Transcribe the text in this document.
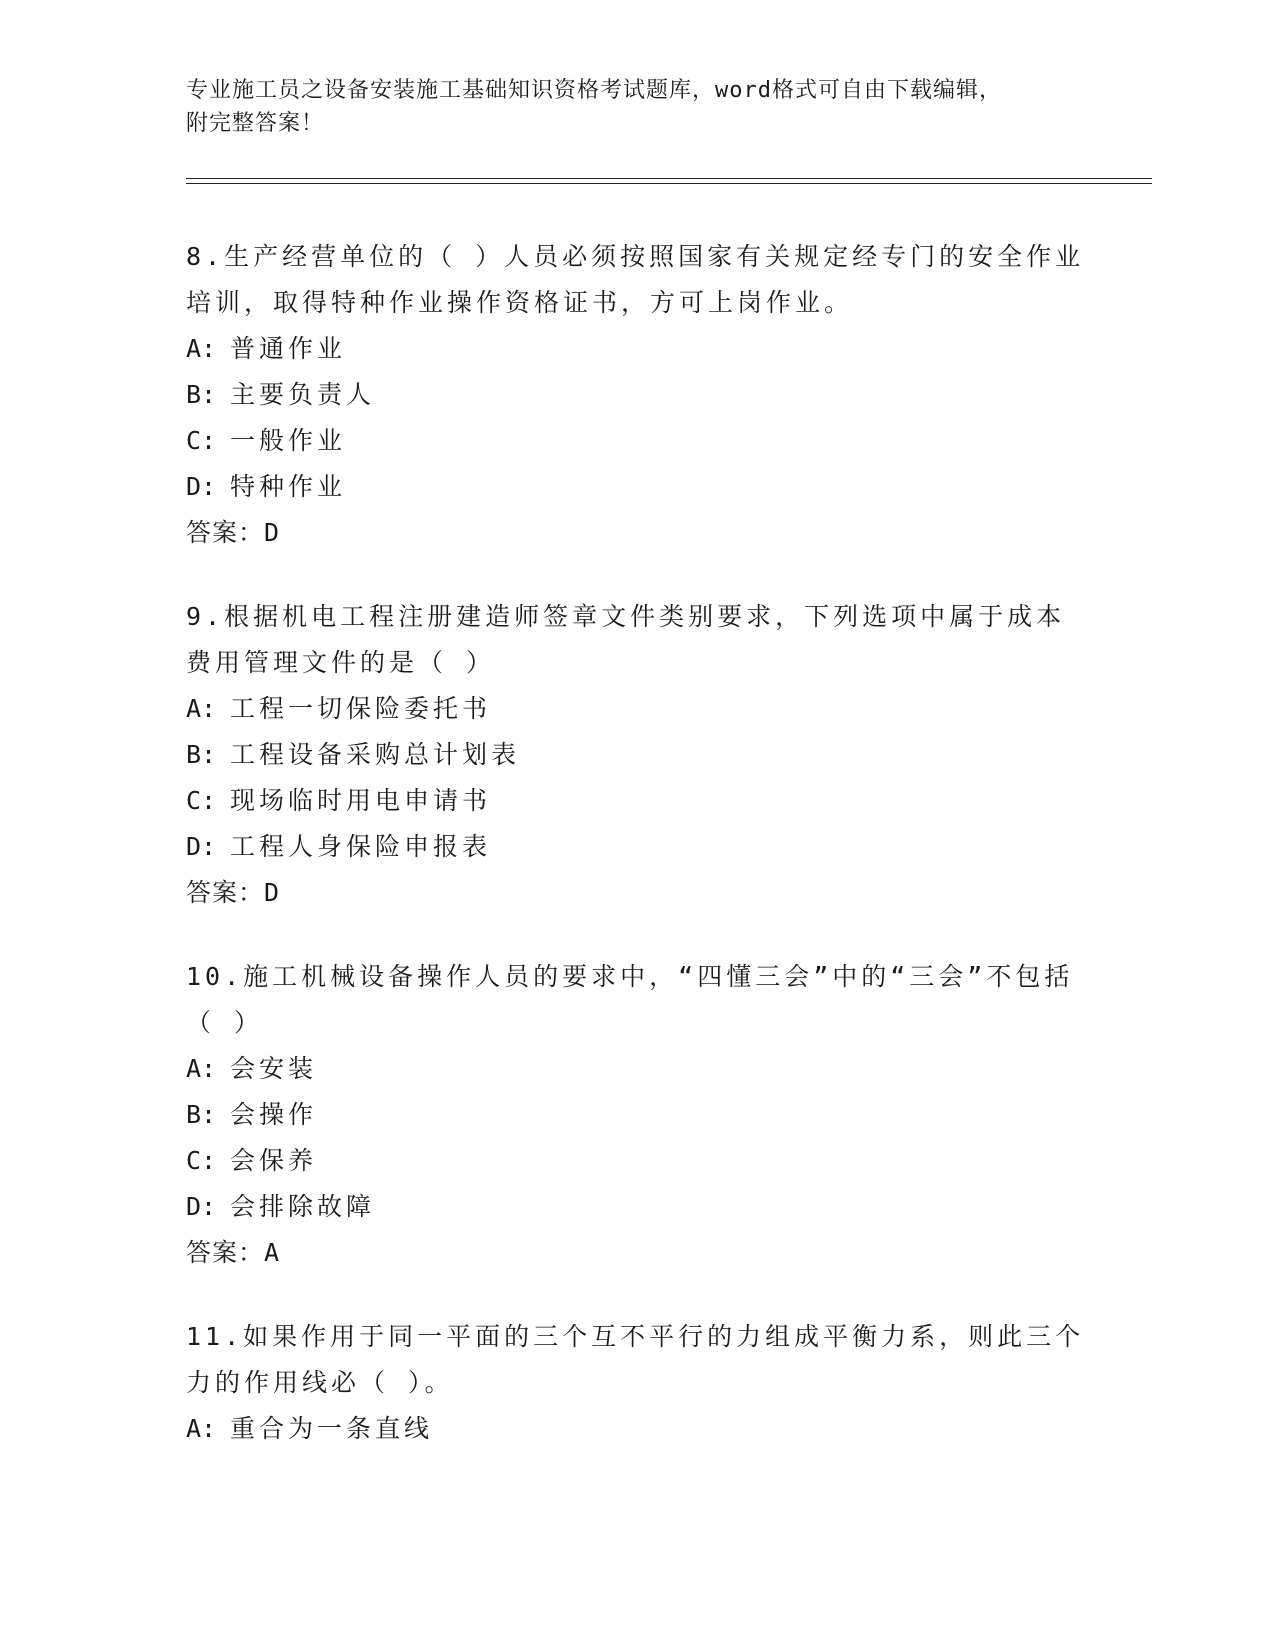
专业施工员之设备安装施工基础知识资格考试题库，word格式可自由下载编辑，
附完整答案！
8.生产经营单位的（ ）人员必须按照国家有关规定经专门的安全作业培训，取得特种作业操作资格证书，方可上岗作业。
A: 普通作业
B: 主要负责人
C: 一般作业
D: 特种作业
答案：D
9.根据机电工程注册建造师签章文件类别要求，下列选项中属于成本费用管理文件的是（ ）
A: 工程一切保险委托书
B: 工程设备采购总计划表
C: 现场临时用电申请书
D: 工程人身保险申报表
答案：D
10.施工机械设备操作人员的要求中，“四懂三会”中的“三会”不包括（ ）
A: 会安装
B: 会操作
C: 会保养
D: 会排除故障
答案：A
11.如果作用于同一平面的三个互不平行的力组成平衡力系，则此三个力的作用线必（ ）。
A: 重合为一条直线
